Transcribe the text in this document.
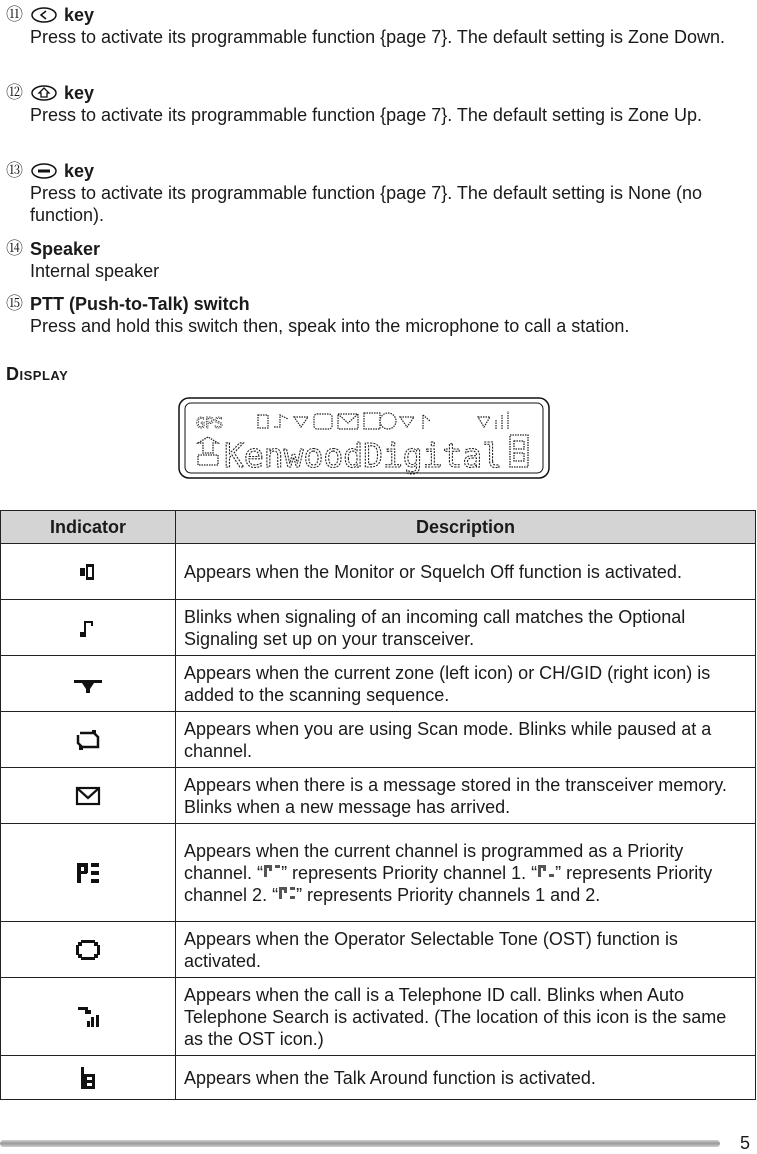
⑪ key
Press to activate its programmable function {page 7}. The default setting is Zone Down.
⑫ key
Press to activate its programmable function {page 7}. The default setting is Zone Up.
⑬ key
Press to activate its programmable function {page 7}. The default setting is None (no function).
⑭ Speaker
Internal speaker
⑮ PTT (Push-to-Talk) switch
Press and hold this switch then, speak into the microphone to call a station.
DISPLAY
GPS
KenwoodDigital
Indicator	Description
	Appears when the Monitor or Squelch Off function is activated.
	Blinks when signaling of an incoming call matches the Optional Signaling set up on your transceiver.
	Appears when the current zone (left icon) or CH/GID (right icon) is added to the scanning sequence.
	Appears when you are using Scan mode. Blinks while paused at a channel.
	Appears when there is a message stored in the transceiver memory. Blinks when a new message has arrived.
	Appears when the current channel is programmed as a Priority channel. “ ” represents Priority channel 1. “ ” represents Priority channel 2. “ ” represents Priority channels 1 and 2.
	Appears when the Operator Selectable Tone (OST) function is activated.
	Appears when the call is a Telephone ID call. Blinks when Auto Telephone Search is activated. (The location of this icon is the same as the OST icon.)
	Appears when the Talk Around function is activated.
5
